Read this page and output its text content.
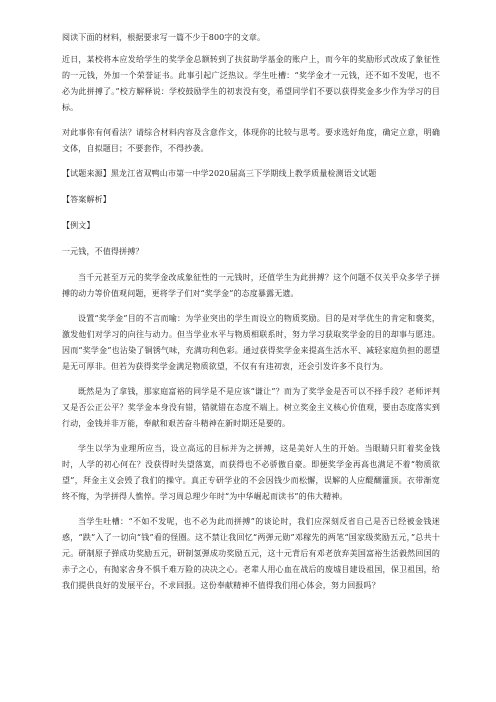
阅读下面的材料，根据要求写一篇不少于800字的文章。

近日，某校将本应发给学生的奖学金总额转到了扶贫助学基金的账户上，而今年的奖励形式改成了象征性的一元钱，外加一个荣誉证书。此事引起广泛热议。学生吐槽：“奖学金才一元钱，还不如不发呢，也不必为此拼搏了。”校方解释说：学校鼓励学生的初衷没有变，希望同学们不要以获得奖金多少作为学习的目标。

对此事你有何看法？请综合材料内容及含意作文，体现你的比较与思考。要求选好角度，确定立意，明确文体，自拟题目；不要套作，不得抄袭。

【试题来源】黑龙江省双鸭山市第一中学2020届高三下学期线上教学质量检测语文试题

【答案解析】

【例文】

一元钱，不值得拼搏？

当千元甚至万元的奖学金改成象征性的一元钱时，还值学生为此拼搏？这个问题不仅关乎众多学子拼搏的动力等价值观问题，更将学子们对“奖学金”的态度暴露无遗。

设置“奖学金”目的不言而喻：为学业突出的学生而设立的物质奖励。目的是对学优生的肯定和褒奖，激发他们对学习的向往与动力。但当学业水平与物质相联系时，努力学习获取奖学金的目的却事与愿违。因而“奖学金”也沾染了铜锈气味，充满功利色彩。通过获得奖学金来提高生活水平、减轻家庭负担的愿望是无可厚非。但若为获得奖学金满足物质欲望，不仅有有违初衷，还会引发许多不良行为。

既然是为了拿钱，那家庭富裕的同学是不是应该“谦让”？而为了奖学金是否可以不择手段？老师评判又是否公正公平？奖学金本身没有错，错就错在态度不端上。树立奖金主义核心价值观，要由态度落实到行动，金钱并非万能，奉献和艰苦奋斗精神在新时期还是要的。

学生以学为业理所应当，设立高远的目标并为之拼搏，这是美好人生的开始。当眼睛只盯着奖金钱时，人学的初心何在？没获得时失望落寞，而获得也不必骄傲自豪。即便奖学金再高也满足不着“物质欲望”，拜金主义会毁了我们的操守。真正专研学业的不会因钱少而松懈，误解的人应醍醐灌顶。衣带渐宽终不悔，为学拼得人憔悴。学习周总理少年时“为中华崛起而读书”的伟大精神。

当学生吐槽：“不如不发呢，也不必为此而拼搏”的谈论时，我们应深刻反省自己是否已经被金钱迷惑，“跌”入了一切向“钱”看的怪圈。这不禁让我回忆“两弹元勋”邓稼先的两笔“国家级奖励五元，”总共十元。研制原子弹成功奖励五元，研制氢弹成功奖励五元，这十元背后有邓老放弃美国富裕生活毅然回国的赤子之心，有抛家舍身不惧千难万险的决决之心。老辈人用心血在战后的废墟目建设祖国，保卫祖国，给我们提供良好的发展平台，不求回报。这份奉献精神不值得我们用心体会，努力回报吗？
